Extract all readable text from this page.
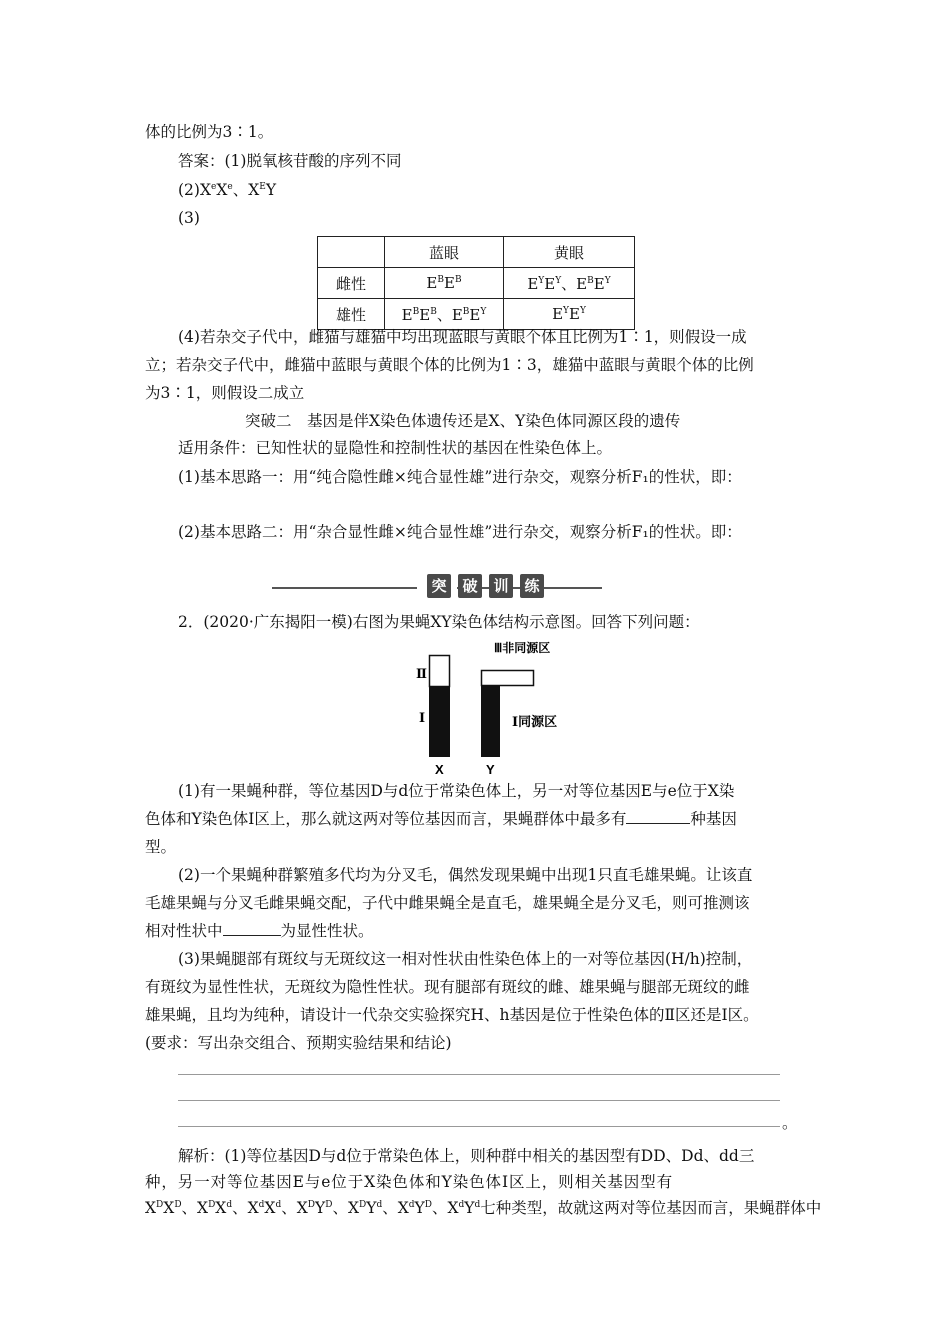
体的比例为3∶1。
答案：(1)脱氧核苷酸的序列不同
(2)XeXe、$X^EY$
(3)
	蓝眼	黄眼
雌性	$E^BE^B$	$E^YE^Y$、$E^BE^Y$
雄性	$E^BE^B$、$E^BE^Y$	$E^YE^Y$
(4)若杂交子代中，雌猫与雄猫中均出现蓝眼与黄眼个体且比例为1∶1，则假设一成
立；若杂交子代中，雌猫中蓝眼与黄眼个体的比例为1∶3，雄猫中蓝眼与黄眼个体的比例
为3∶1，则假设二成立
突破二　基因是伴X染色体遗传还是X、Y染色体同源区段的遗传
适用条件：已知性状的显隐性和控制性状的基因在性染色体上。
(1)基本思路一：用“纯合隐性雌×纯合显性雄”进行杂交，观察分析F₁的性状，即：
(2)基本思路二：用“杂合显性雌×纯合显性雄”进行杂交，观察分析F₁的性状。即：
突	破	训	练
2．(2020·广东揭阳一模)右图为果蝇XY染色体结构示意图。回答下列问题：
Ⅲ非同源区
Ⅱ
Ⅰ	Ⅰ同源区
X	Y
(1)有一果蝇种群，等位基因D与d位于常染色体上，另一对等位基因E与e位于X染
色体和Y染色体Ⅰ区上，那么就这两对等位基因而言，果蝇群体中最多有	种基因
型。
(2)一个果蝇种群繁殖多代均为分叉毛，偶然发现果蝇中出现1只直毛雄果蝇。让该直
毛雄果蝇与分叉毛雌果蝇交配，子代中雌果蝇全是直毛，雄果蝇全是分叉毛，则可推测该
相对性状中	为显性性状。
(3)果蝇腿部有斑纹与无斑纹这一相对性状由性染色体上的一对等位基因(H/h)控制，
有斑纹为显性性状，无斑纹为隐性性状。现有腿部有斑纹的雌、雄果蝇与腿部无斑纹的雌
雄果蝇，且均为纯种，请设计一代杂交实验探究H、h基因是位于性染色体的Ⅱ区还是Ⅰ区。
(要求：写出杂交组合、预期实验结果和结论)
。
解析：(1)等位基因D与d位于常染色体上，则种群中相关的基因型有DD、Dd、dd三
种，另一对等位基因E与e位于X染色体和Y染色体Ⅰ区上，则相关基因型有
$X^DX^D$、$X^DX^d$、$X^dX^d$、$X^DY^D$、$X^DY^d$、$X^dY^D$、$X^dY^d$七种类型，故就这两对等位基因而言，果蝇群体中
